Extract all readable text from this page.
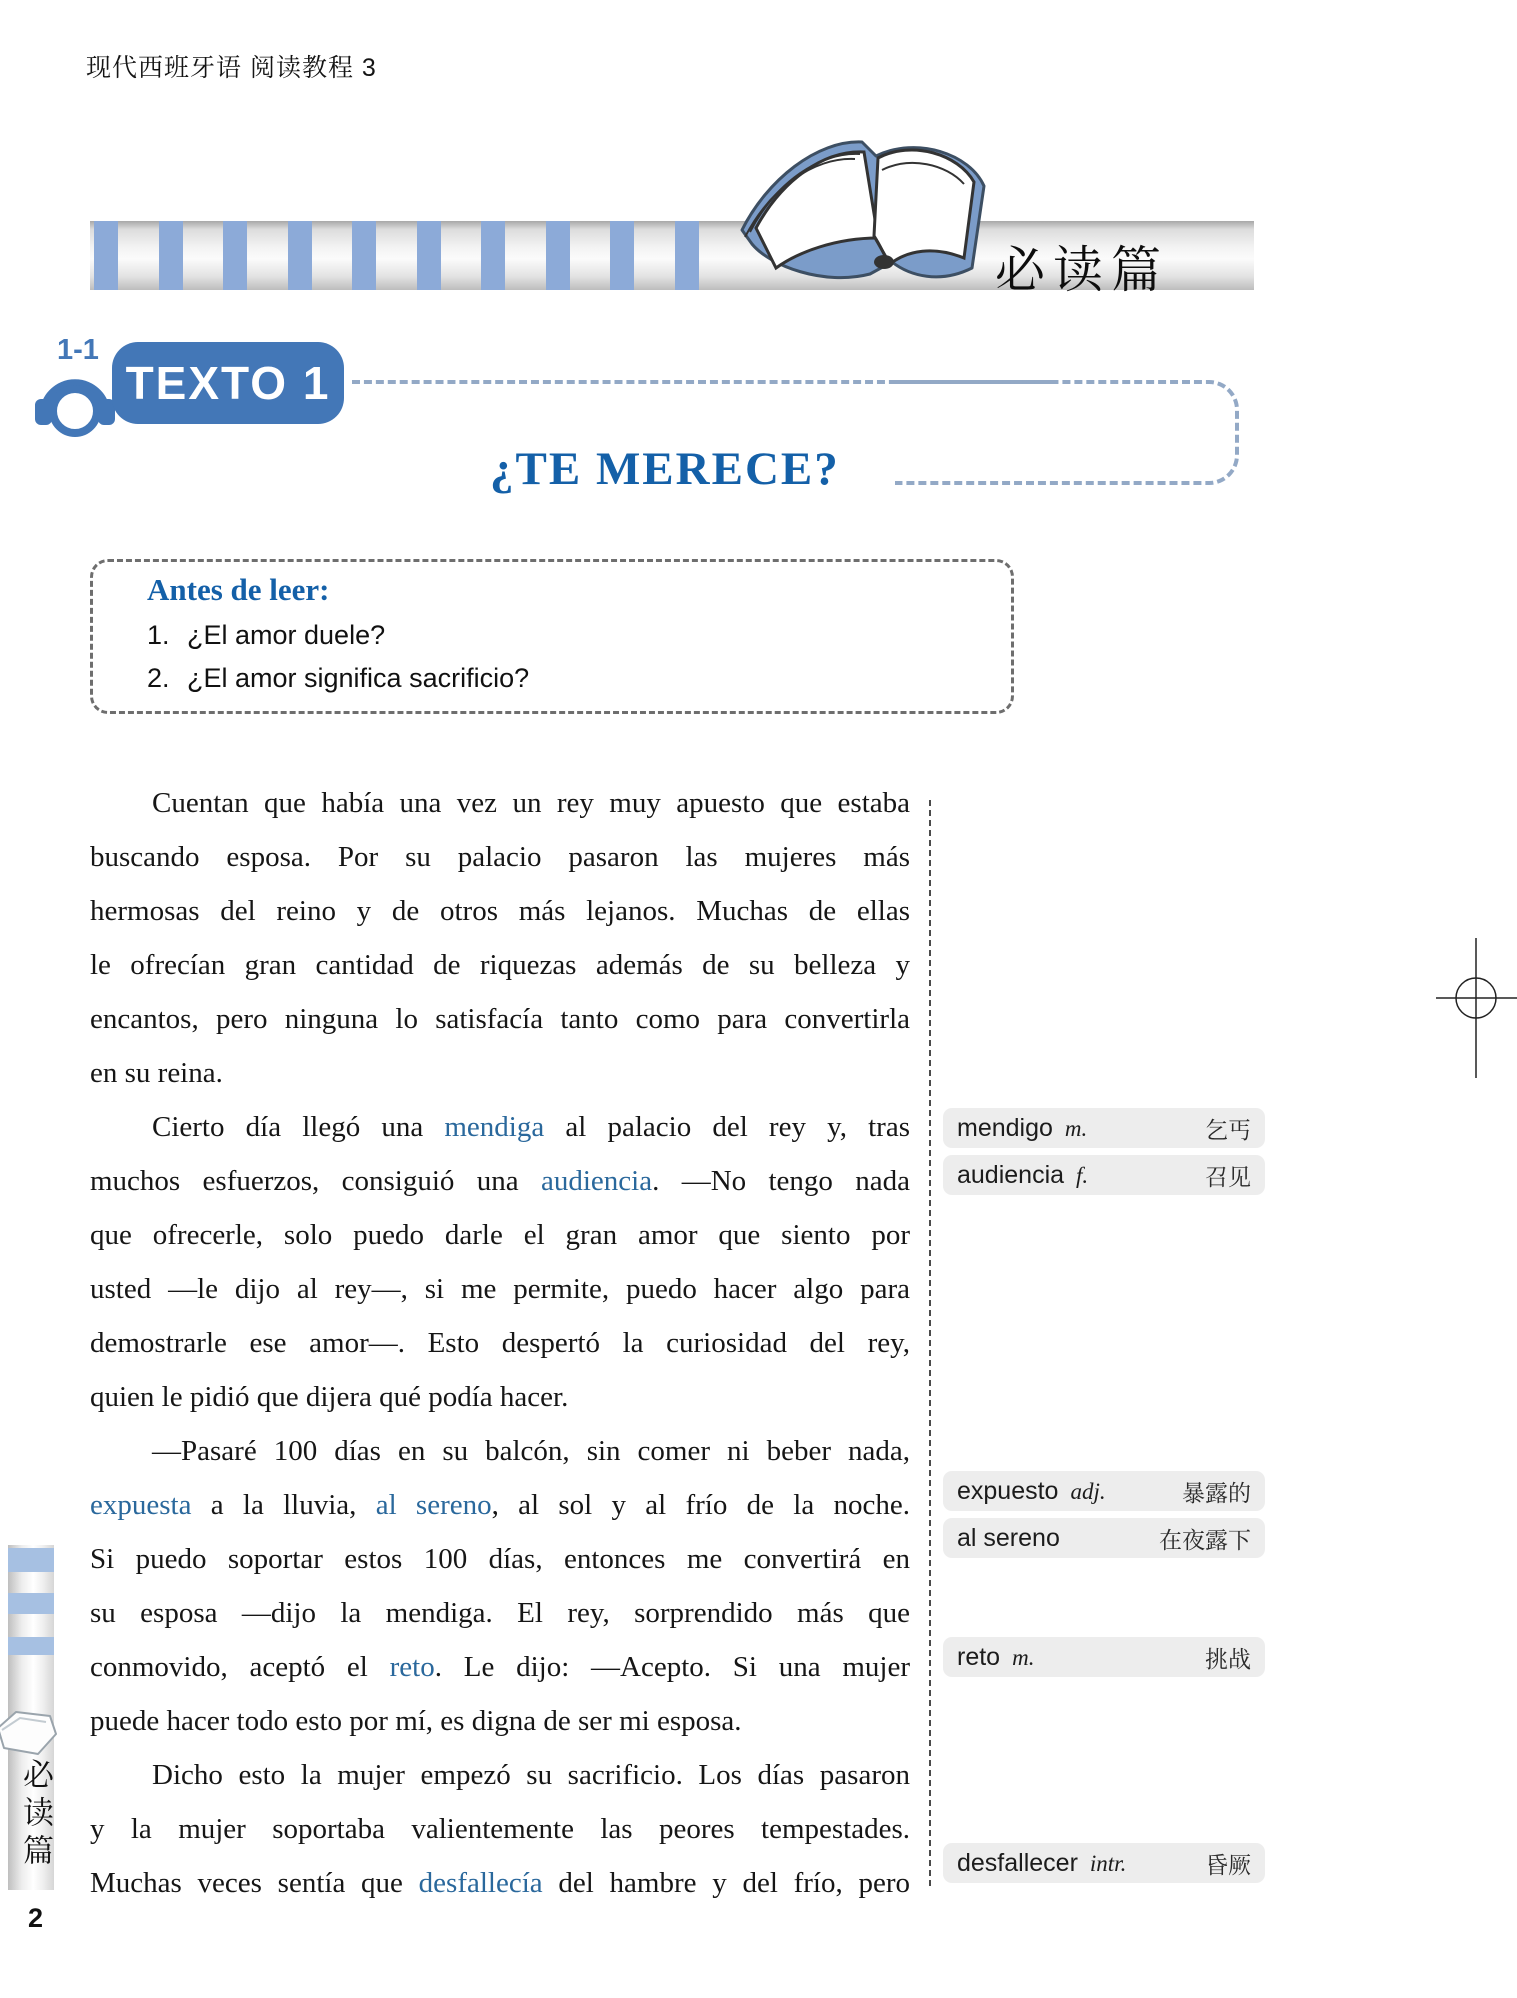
现代西班牙语 阅读教程 3
必读篇
1-1
TEXTO 1
¿TE MERECE?
Antes de leer:
1. ¿El amor duele?
2. ¿El amor significa sacrificio?
Cuentan que había una vez un rey muy apuesto que estaba
buscando esposa. Por su palacio pasaron las mujeres más
hermosas del reino y de otros más lejanos. Muchas de ellas
le ofrecían gran cantidad de riquezas además de su belleza y
encantos, pero ninguna lo satisfacía tanto como para convertirla
en su reina.
Cierto día llegó una mendiga al palacio del rey y, tras
muchos esfuerzos, consiguió una audiencia. —No tengo nada
que ofrecerle, solo puedo darle el gran amor que siento por
usted —le dijo al rey—, si me permite, puedo hacer algo para
demostrarle ese amor—. Esto despertó la curiosidad del rey,
quien le pidió que dijera qué podía hacer.
—Pasaré 100 días en su balcón, sin comer ni beber nada,
expuesta a la lluvia, al sereno, al sol y al frío de la noche.
Si puedo soportar estos 100 días, entonces me convertirá en
su esposa —dijo la mendiga. El rey, sorprendido más que
conmovido, aceptó el reto. Le dijo: —Acepto. Si una mujer
puede hacer todo esto por mí, es digna de ser mi esposa.
Dicho esto la mujer empezó su sacrificio. Los días pasaron
y la mujer soportaba valientemente las peores tempestades.
Muchas veces sentía que desfallecía del hambre y del frío, pero
mendigo m.	乞丐
audiencia f.	召见
expuesto adj.	暴露的
al sereno	在夜露下
reto m.	挑战
desfallecer intr.	昏厥
必读篇
2
